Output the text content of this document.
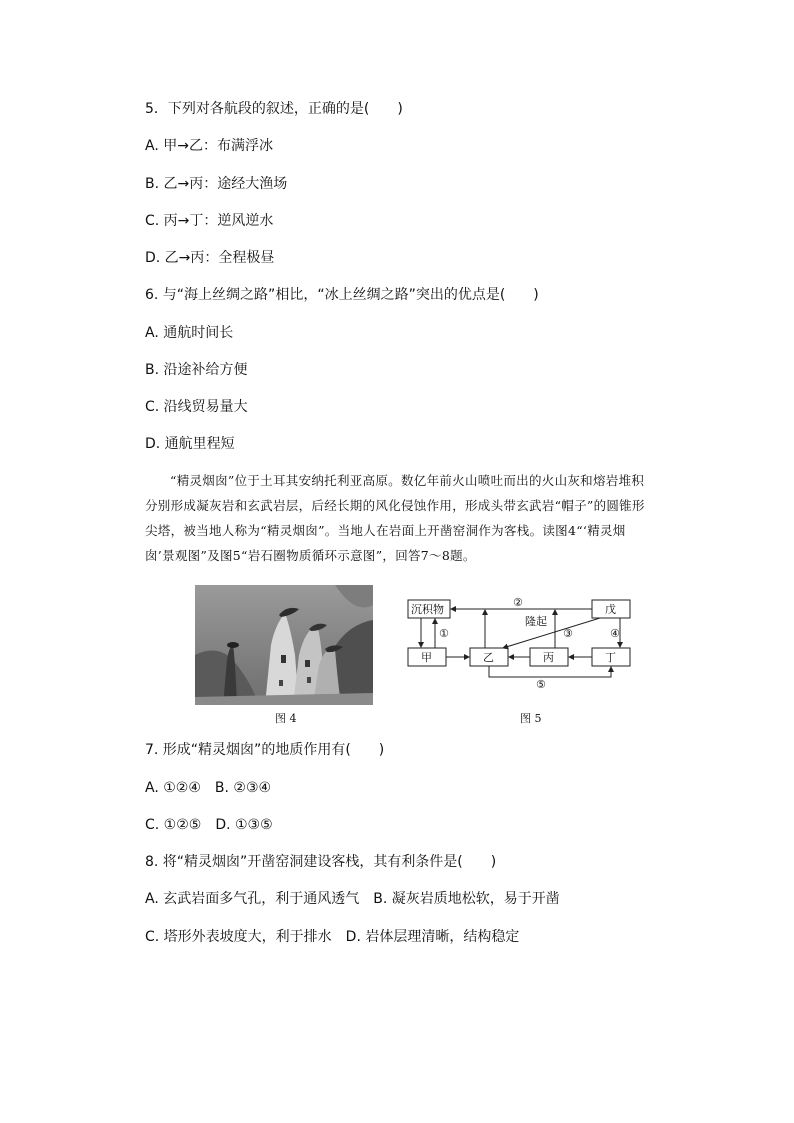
5．下列对各航段的叙述，正确的是(　　)
A. 甲→乙：布满浮冰
B. 乙→丙：途经大渔场
C. 丙→丁：逆风逆水
D. 乙→丙：全程极昼
6. 与“海上丝绸之路”相比，“冰上丝绸之路”突出的优点是(　　)
A. 通航时间长
B. 沿途补给方便
C. 沿线贸易量大
D. 通航里程短
“精灵烟囱”位于土耳其安纳托利亚高原。数亿年前火山喷吐而出的火山灰和熔岩堆积分别形成凝灰岩和玄武岩层，后经长期的风化侵蚀作用，形成头带玄武岩“帽子”的圆锥形尖塔，被当地人称为“精灵烟囱”。当地人在岩面上开凿窑洞作为客栈。读图4“‘精灵烟囱’景观图”及图5“岩石圈物质循环示意图”，回答7～8题。
图 4
沉积物
甲	乙	丙	丁
戊
隆起
①
②
③	④
⑤
图 5
7. 形成“精灵烟囱”的地质作用有(　　)
A. ①②④　B. ②③④
C. ①②⑤　D. ①③⑤
8. 将“精灵烟囱”开凿窑洞建设客栈，其有利条件是(　　)
A. 玄武岩面多气孔，利于通风透气　B. 凝灰岩质地松软，易于开凿
C. 塔形外表坡度大，利于排水　D. 岩体层理清晰，结构稳定
